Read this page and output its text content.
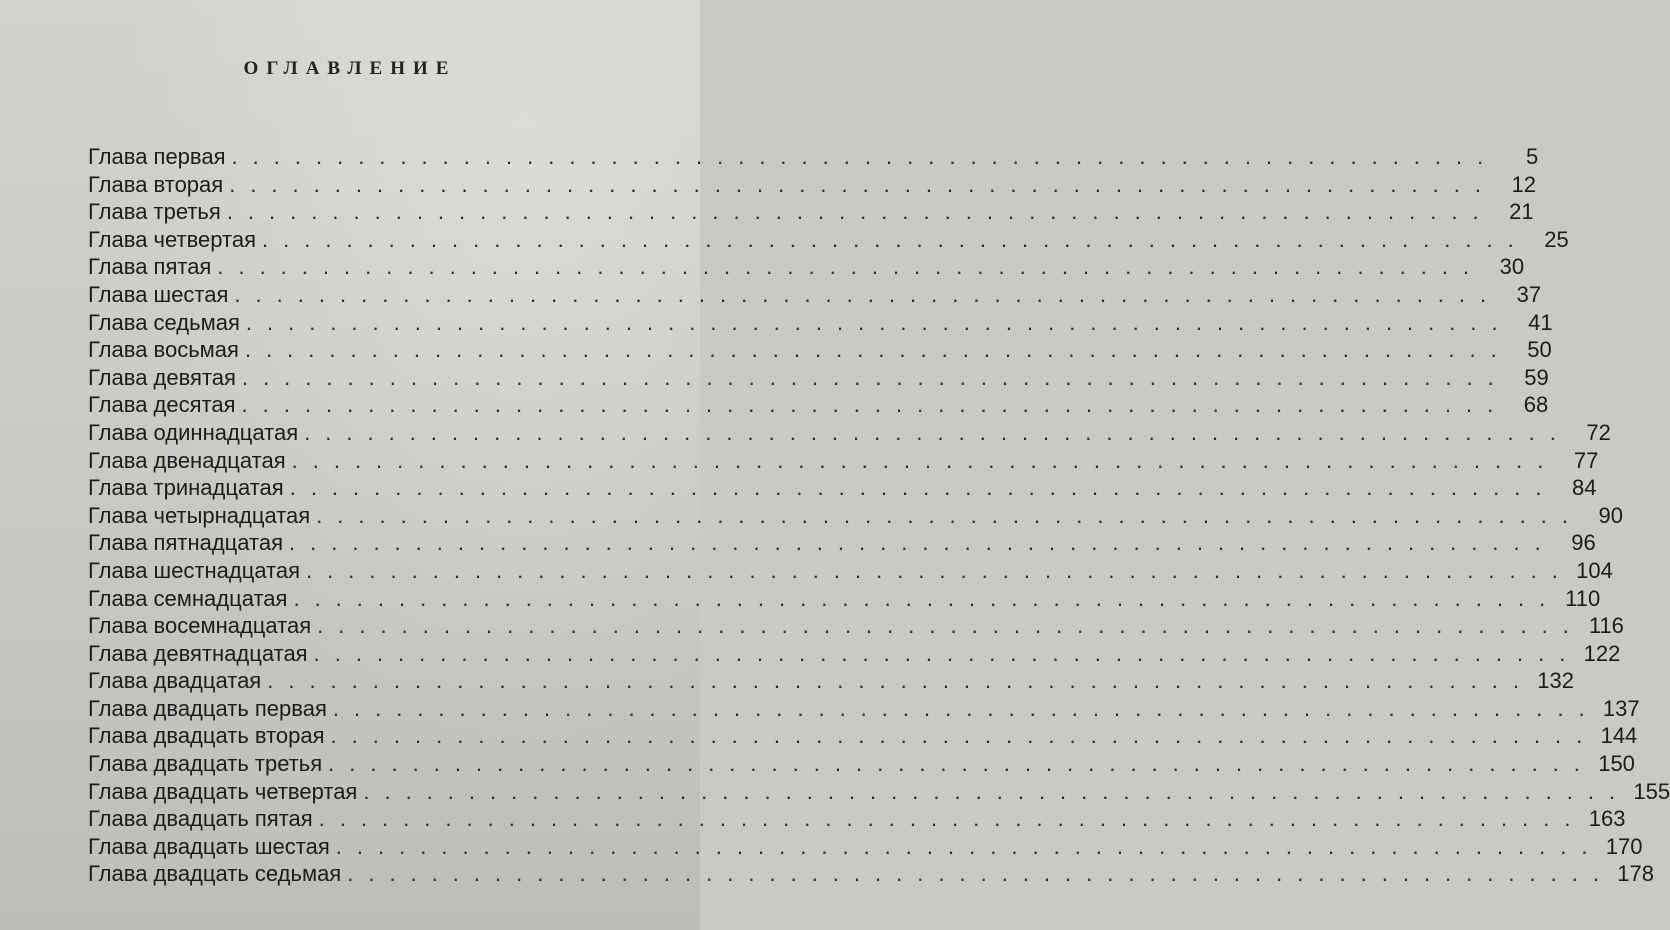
ОГЛАВЛЕНИЕ
Глава первая ............................................................	5
Глава вторая ............................................................ 12
Глава третья ............................................................ 21
Глава четвертая ............................................................ 25
Глава пятая ............................................................ 30
Глава шестая ............................................................ 37
Глава седьмая ............................................................ 41
Глава восьмая ............................................................ 50
Глава девятая ............................................................ 59
Глава десятая ............................................................ 68
Глава одиннадцатая ............................................................ 72
Глава двенадцатая ............................................................ 77
Глава тринадцатая ............................................................ 84
Глава четырнадцатая ............................................................ 90
Глава пятнадцатая ............................................................ 96
Глава шестнадцатая ............................................................ 104
Глава семнадцатая ............................................................ 110
Глава восемнадцатая ............................................................ 116
Глава девятнадцатая ............................................................ 122
Глава двадцатая ............................................................ 132
Глава двадцать первая ............................................................ 137
Глава двадцать вторая ............................................................ 144
Глава двадцать третья ............................................................ 150
Глава двадцать четвертая ............................................................ 155
Глава двадцать пятая ............................................................ 163
Глава двадцать шестая ............................................................ 170
Глава двадцать седьмая ............................................................ 178
